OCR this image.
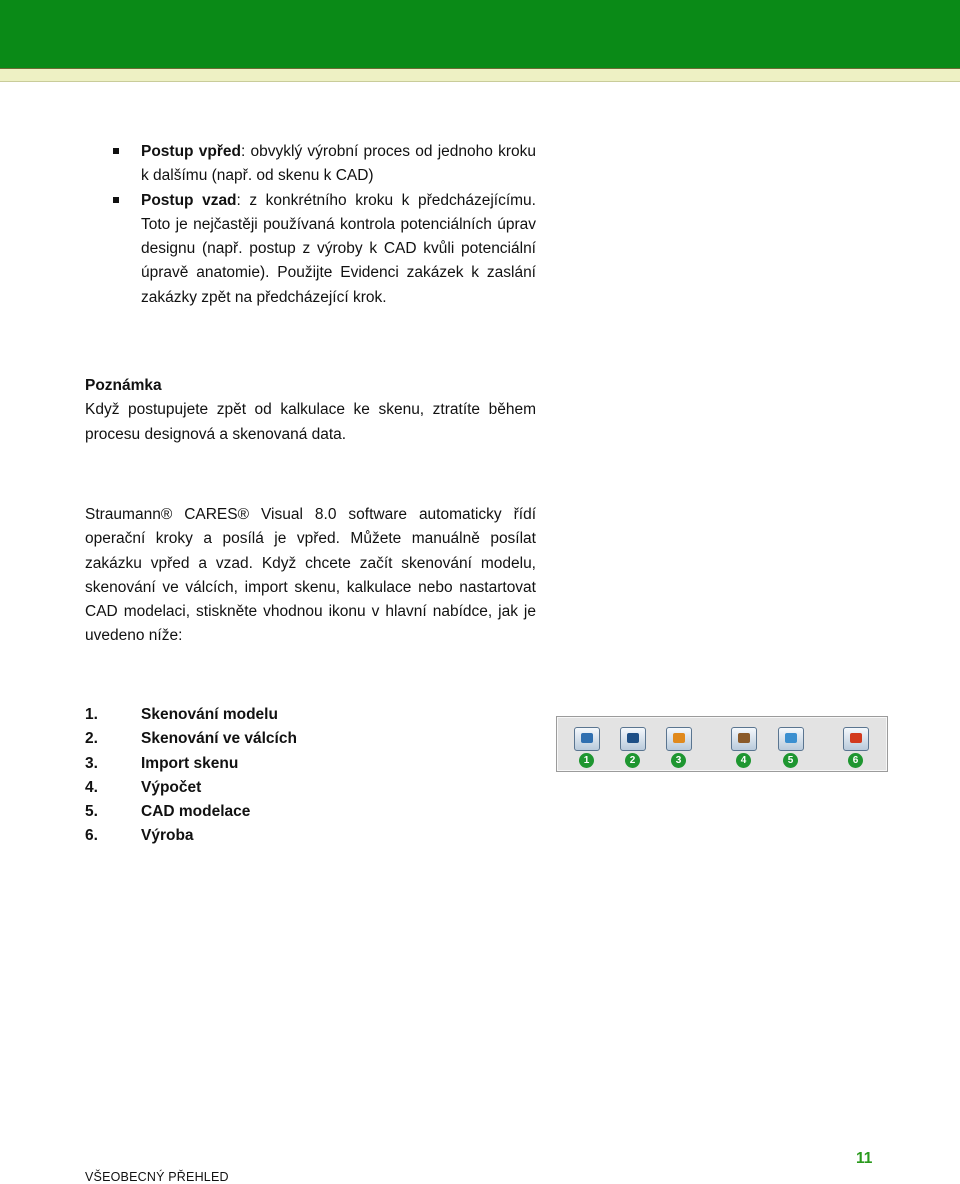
Postup vpřed: obvyklý výrobní proces od jednoho kroku k dalšímu (např. od skenu k CAD)
Postup vzad: z konkrétního kroku k předcházejícímu. Toto je nejčastěji používaná kontrola potenciálních úprav designu (např. postup z výroby k CAD kvůli potenciální úpravě anatomie). Použijte Evidenci zakázek k zaslání zakázky zpět na předcházející krok.
Poznámka
Když postupujete zpět od kalkulace ke skenu, ztratíte během procesu designová a skenovaná data.
Straumann® CARES® Visual 8.0 software automaticky řídí operační kroky a posílá je vpřed. Můžete manuálně posílat zakázku vpřed a vzad. Když chcete začít skenování modelu, skenování ve válcích, import skenu, kalkulace nebo nastartovat CAD modelaci, stiskněte vhodnou ikonu v hlavní nabídce, jak je uvedeno níže:
1.	Skenování modelu
2.	Skenování ve válcích
3.	Import skenu
4.	Výpočet
5.	CAD modelace
6.	Výroba
1	2	3	4	5	6
VŠEOBECNÝ PŘEHLED
11
